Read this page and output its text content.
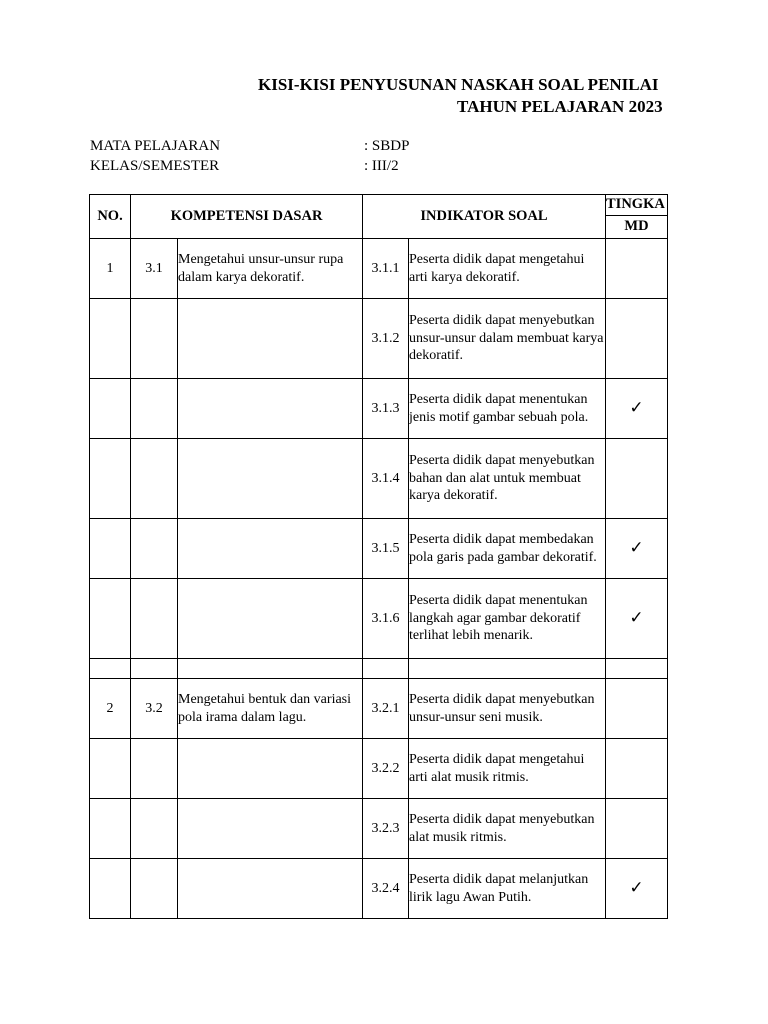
KISI-KISI PENYUSUNAN NASKAH SOAL PENILAI
TAHUN PELAJARAN 2023
MATA PELAJARAN	: SBDP
KELAS/SEMESTER	: III/2
NO.	KOMPETENSI DASAR		INDIKATOR SOAL		TINGKA
					MD
1	3.1	Mengetahui unsur-unsur rupa dalam karya dekoratif.	3.1.1	Peserta didik dapat mengetahui arti karya dekoratif.	
			3.1.2	Peserta didik dapat menyebutkan unsur-unsur dalam membuat karya dekoratif.	
			3.1.3	Peserta didik dapat menentukan jenis motif gambar sebuah pola.	✓
			3.1.4	Peserta didik dapat menyebutkan bahan dan alat untuk membuat karya dekoratif.	
			3.1.5	Peserta didik dapat membedakan pola garis pada gambar dekoratif.	✓
			3.1.6	Peserta didik dapat menentukan langkah agar gambar dekoratif terlihat lebih menarik.	✓

2	3.2	Mengetahui bentuk dan variasi pola irama dalam lagu.	3.2.1	Peserta didik dapat menyebutkan unsur-unsur seni musik.	
			3.2.2	Peserta didik dapat mengetahui arti alat musik ritmis.	
			3.2.3	Peserta didik dapat menyebutkan alat musik ritmis.	
			3.2.4	Peserta didik dapat melanjutkan lirik lagu Awan Putih.	✓
